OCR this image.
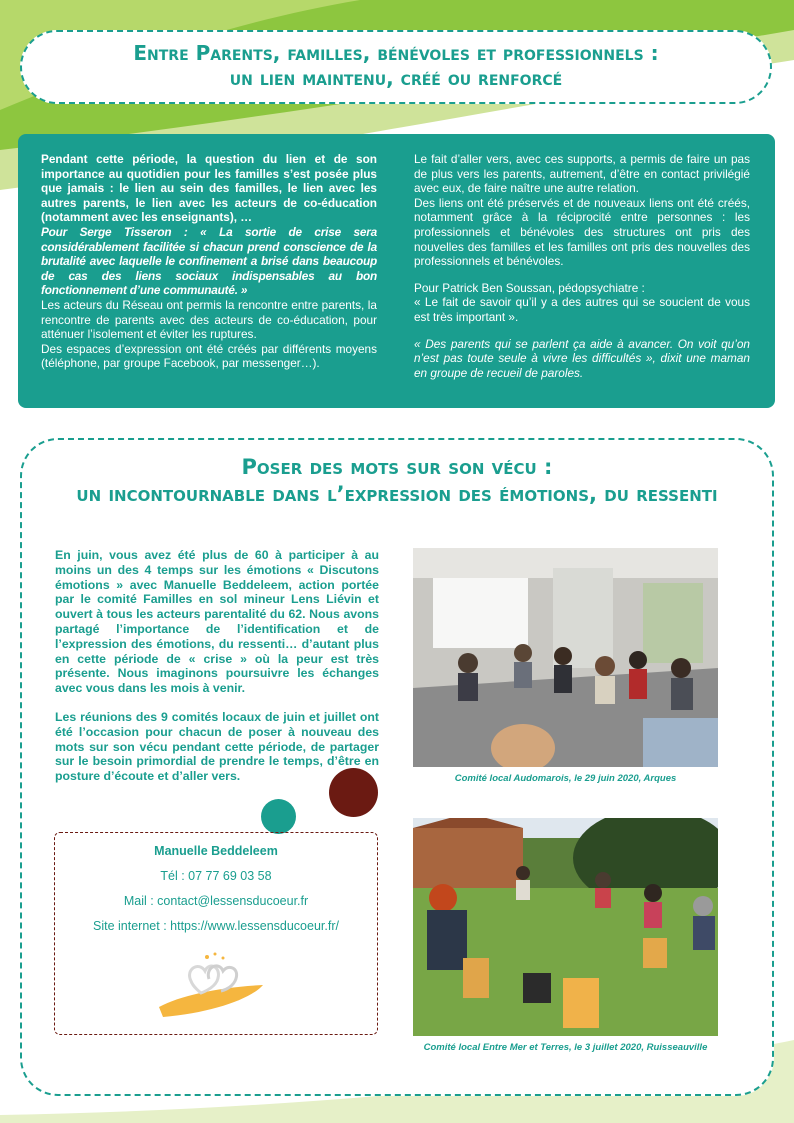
Entre Parents, familles, bénévoles et professionnels :
un lien maintenu, créé ou renforcé

Pendant cette période, la question du lien et de son importance au quotidien pour les familles s’est posée plus que jamais : le lien au sein des familles, le lien avec les autres parents, le lien avec les acteurs de co-éducation (notamment avec les enseignants), …

Pour Serge Tisseron : « La sortie de crise sera considérablement facilitée si chacun prend conscience de la brutalité avec laquelle le confinement a brisé dans beaucoup de cas des liens sociaux indispensables au bon fonctionnement d’une communauté. »

Les acteurs du Réseau ont permis la rencontre entre parents, la rencontre de parents avec des acteurs de co-éducation, pour atténuer l’isolement et éviter les ruptures.

Des espaces d’expression ont été créés par différents moyens (téléphone, par groupe Facebook, par messenger…).

Le fait d’aller vers, avec ces supports, a permis de faire un pas de plus vers les parents, autrement, d’être en contact privilégié avec eux, de faire naître une autre relation.

Des liens ont été préservés et de nouveaux liens ont été créés, notamment grâce à la réciprocité entre personnes : les professionnels et bénévoles des structures ont pris des nouvelles des familles et les familles ont pris des nouvelles des professionnels et bénévoles.

Pour Patrick Ben Soussan, pédopsychiatre :

« Le fait de savoir qu’il y a des autres qui se soucient de vous est très important ».

« Des parents qui se parlent ça aide à avancer. On voit qu’on n’est pas toute seule à vivre les difficultés », dixit une maman en groupe de recueil de paroles.

Poser des mots sur son vécu :
un incontournable dans l’expression des émotions, du ressenti

En juin, vous avez été plus de 60 à participer à au moins un des 4 temps sur les émotions « Discutons émotions » avec Manuelle Beddeleem, action portée par le comité Familles en sol mineur Lens Liévin et ouvert à tous les acteurs parentalité du 62. Nous avons partagé l’importance de l’identification et de l’expression des émotions, du ressenti… d’autant plus en cette période de « crise » où la peur est très présente. Nous imaginons poursuivre les échanges avec vous dans les mois à venir.

Les réunions des 9 comités locaux de juin et juillet ont été l’occasion pour chacun de poser à nouveau des mots sur son vécu pendant cette période, de partager sur le besoin primordial de prendre le temps, d’être en posture d’écoute et d’aller vers.	Comité local Audomarois, le 29 juin 2020, Arques
Manuelle Beddeleem
Tél : 07 77 69 03 58
Mail : contact@lessensducoeur.fr
Site internet : https://www.lessensducoeur.fr/
Comité local Entre Mer et Terres, le 3 juillet 2020, Ruisseauville
